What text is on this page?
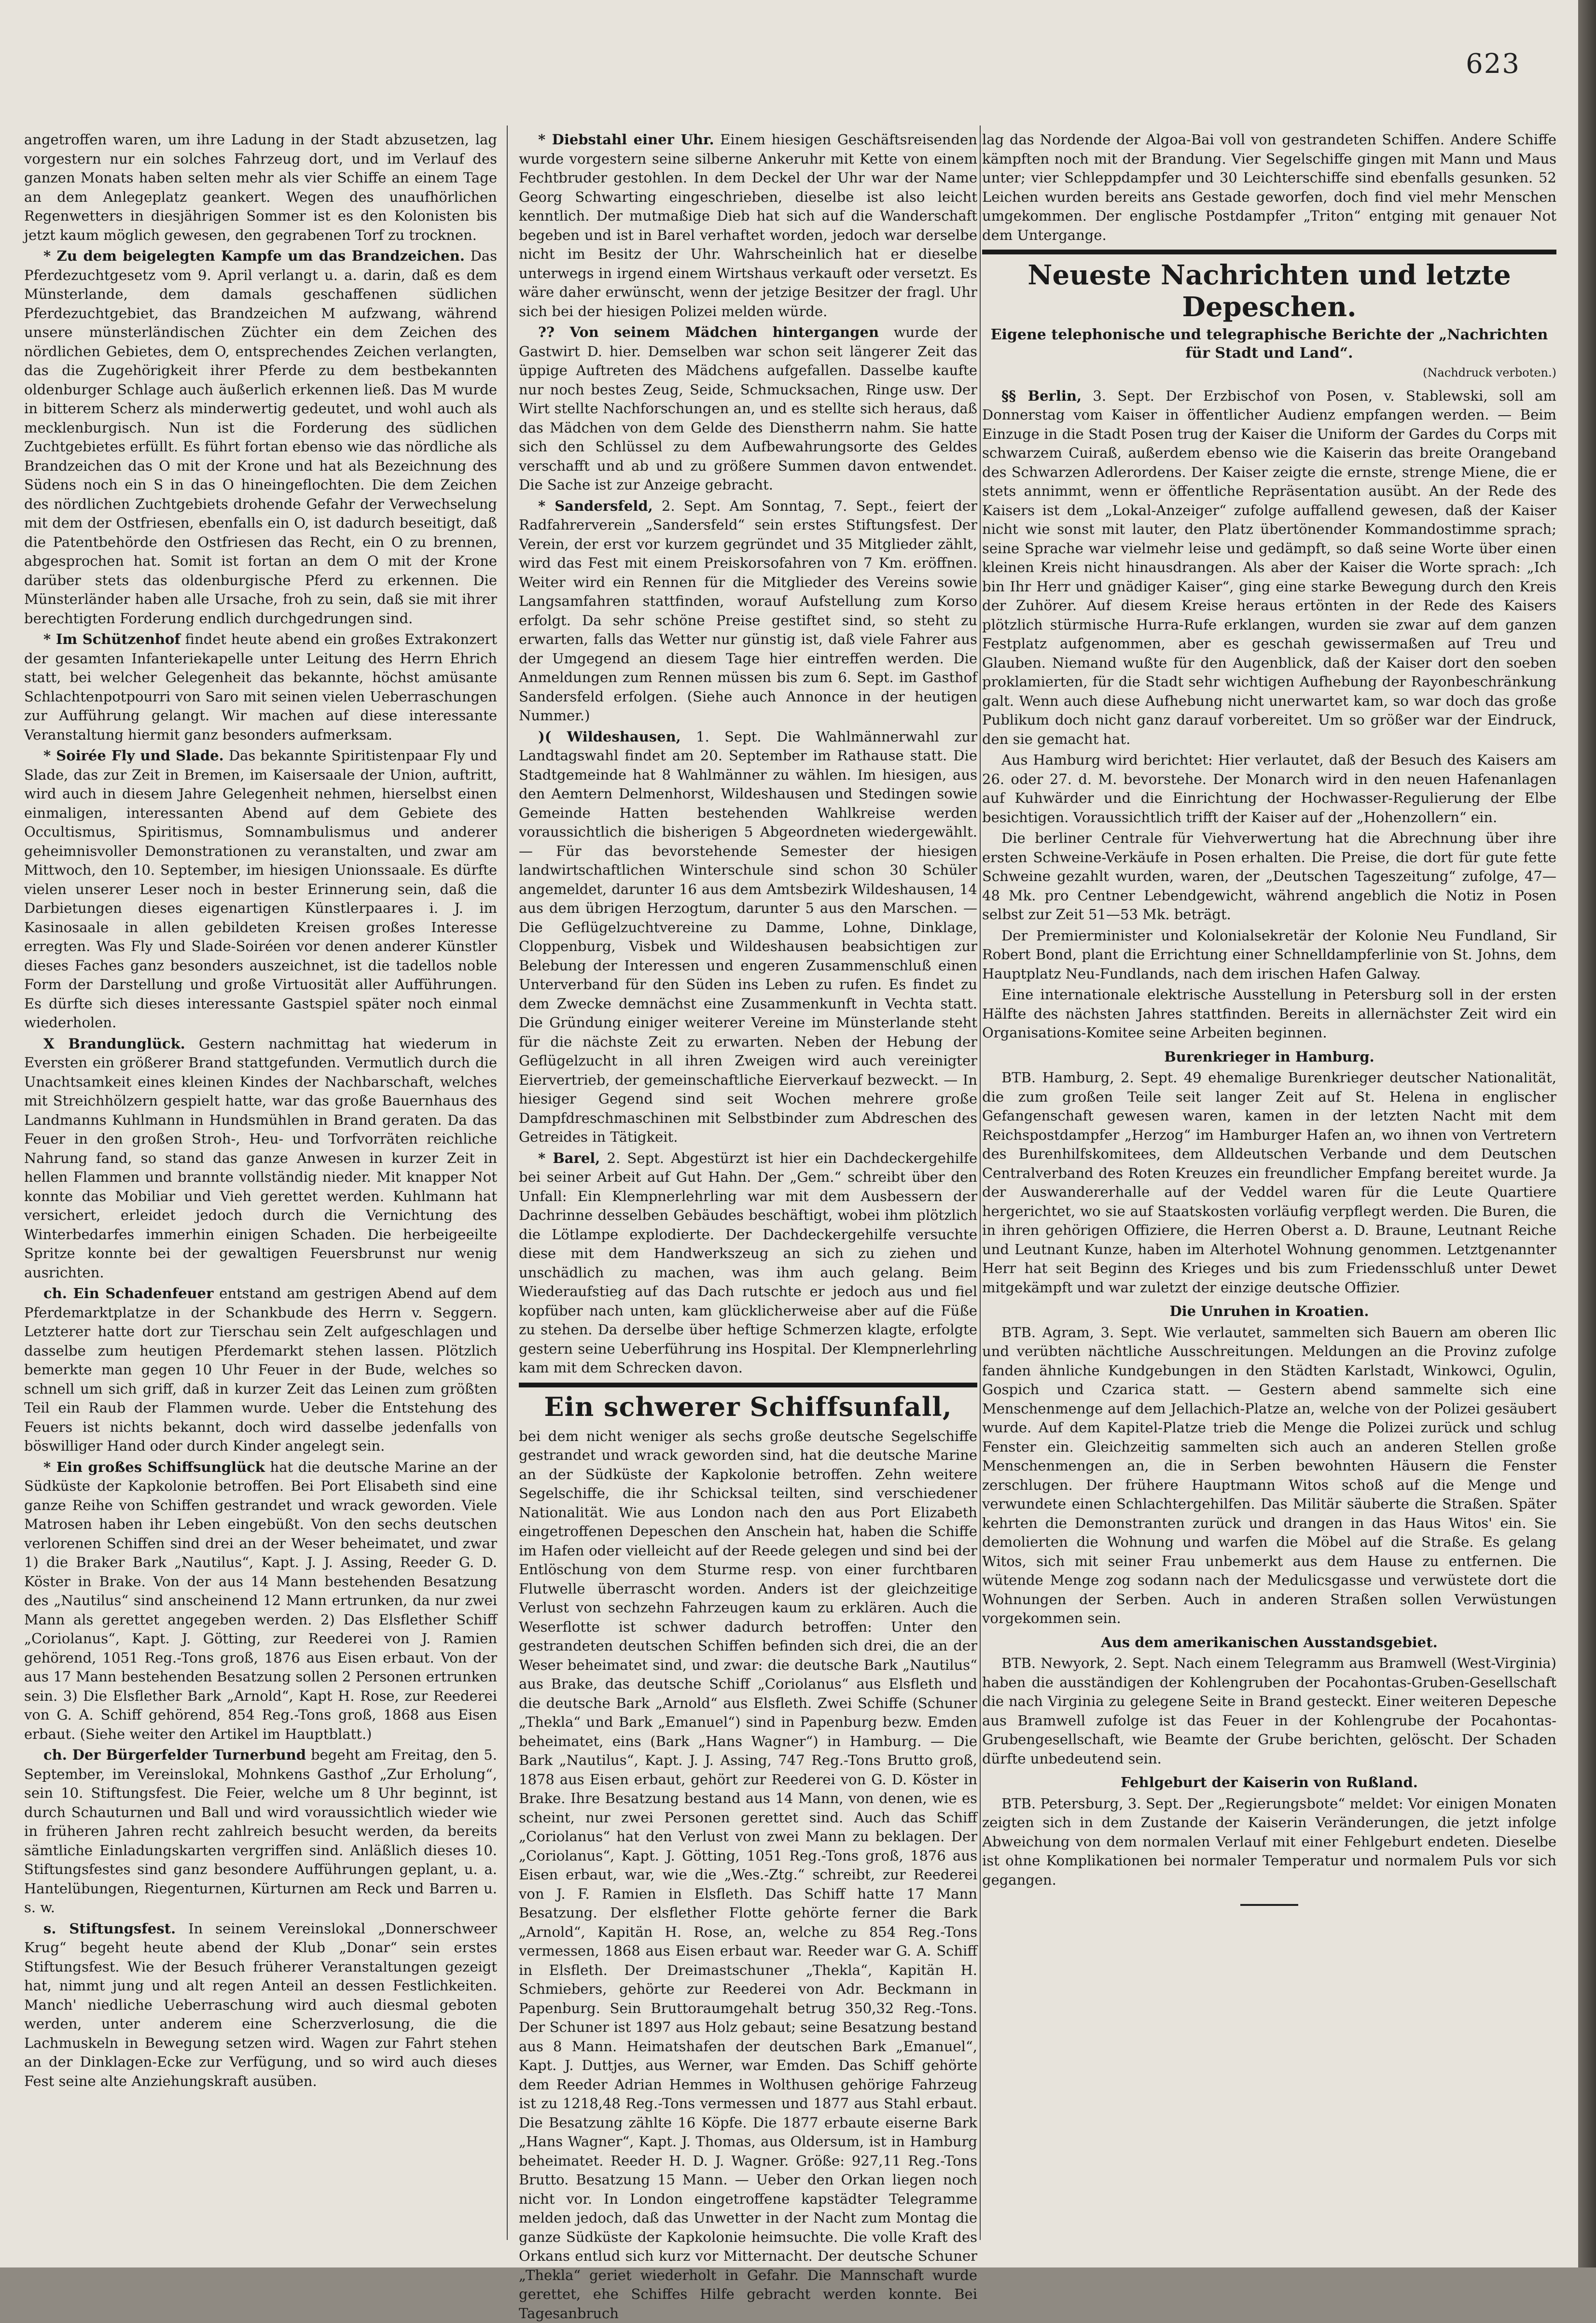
623

angetroffen waren, um ihre Ladung in der Stadt abzusetzen, lag vorgestern nur ein solches Fahrzeug dort, und im Verlauf des ganzen Monats haben selten mehr als vier Schiffe an einem Tage an dem Anlegeplatz geankert. Wegen des unaufhörlichen Regenwetters in diesjährigen Sommer ist es den Kolonisten bis jetzt kaum möglich gewesen, den gegrabenen Torf zu trocknen.

* Zu dem beigelegten Kampfe um das Brandzeichen. Das Pferdezuchtgesetz vom 9. April verlangt u. a. darin, daß es dem Münsterlande, dem damals geschaffenen südlichen Pferdezuchtgebiet, das Brandzeichen M aufzwang, während unsere münsterländischen Züchter ein dem Zeichen des nördlichen Gebietes, dem O, entsprechendes Zeichen verlangten, das die Zugehörigkeit ihrer Pferde zu dem bestbekannten oldenburger Schlage auch äußerlich erkennen ließ. Das M wurde in bitterem Scherz als minderwertig gedeutet, und wohl auch als mecklenburgisch. Nun ist die Forderung des südlichen Zuchtgebietes erfüllt. Es führt fortan ebenso wie das nördliche als Brandzeichen das O mit der Krone und hat als Bezeichnung des Südens noch ein S in das O hineingeflochten. Die dem Zeichen des nördlichen Zuchtgebiets drohende Gefahr der Verwechselung mit dem der Ostfriesen, ebenfalls ein O, ist dadurch beseitigt, daß die Patentbehörde den Ostfriesen das Recht, ein O zu brennen, abgesprochen hat. Somit ist fortan an dem O mit der Krone darüber stets das oldenburgische Pferd zu erkennen. Die Münsterländer haben alle Ursache, froh zu sein, daß sie mit ihrer berechtigten Forderung endlich durchgedrungen sind.

* Im Schützenhof findet heute abend ein großes Extrakonzert der gesamten Infanteriekapelle unter Leitung des Herrn Ehrich statt, bei welcher Gelegenheit das bekannte, höchst amüsante Schlachtenpotpourri von Saro mit seinen vielen Ueberraschungen zur Aufführung gelangt. Wir machen auf diese interessante Veranstaltung hiermit ganz besonders aufmerksam.

* Soirée Fly und Slade. Das bekannte Spiritistenpaar Fly und Slade, das zur Zeit in Bremen, im Kaisersaale der Union, auftritt, wird auch in diesem Jahre Gelegenheit nehmen, hierselbst einen einmaligen, interessanten Abend auf dem Gebiete des Occultismus, Spiritismus, Somnambulismus und anderer geheimnisvoller Demonstrationen zu veranstalten, und zwar am Mittwoch, den 10. September, im hiesigen Unionssaale. Es dürfte vielen unserer Leser noch in bester Erinnerung sein, daß die Darbietungen dieses eigenartigen Künstlerpaares i. J. im Kasinosaale in allen gebildeten Kreisen großes Interesse erregten. Was Fly und Slade-Soiréen vor denen anderer Künstler dieses Faches ganz besonders auszeichnet, ist die tadellos noble Form der Darstellung und große Virtuosität aller Aufführungen. Es dürfte sich dieses interessante Gastspiel später noch einmal wiederholen.

X Brandunglück. Gestern nachmittag hat wiederum in Eversten ein größerer Brand stattgefunden. Vermutlich durch die Unachtsamkeit eines kleinen Kindes der Nachbarschaft, welches mit Streichhölzern gespielt hatte, war das große Bauernhaus des Landmanns Kuhlmann in Hundsmühlen in Brand geraten. Da das Feuer in den großen Stroh-, Heu- und Torfvorräten reichliche Nahrung fand, so stand das ganze Anwesen in kurzer Zeit in hellen Flammen und brannte vollständig nieder. Mit knapper Not konnte das Mobiliar und Vieh gerettet werden. Kuhlmann hat versichert, erleidet jedoch durch die Vernichtung des Winterbedarfes immerhin einigen Schaden. Die herbeigeeilte Spritze konnte bei der gewaltigen Feuersbrunst nur wenig ausrichten.

ch. Ein Schadenfeuer entstand am gestrigen Abend auf dem Pferdemarktplatze in der Schankbude des Herrn v. Seggern. Letzterer hatte dort zur Tierschau sein Zelt aufgeschlagen und dasselbe zum heutigen Pferdemarkt stehen lassen. Plötzlich bemerkte man gegen 10 Uhr Feuer in der Bude, welches so schnell um sich griff, daß in kurzer Zeit das Leinen zum größten Teil ein Raub der Flammen wurde. Ueber die Entstehung des Feuers ist nichts bekannt, doch wird dasselbe jedenfalls von böswilliger Hand oder durch Kinder angelegt sein.

* Ein großes Schiffsunglück hat die deutsche Marine an der Südküste der Kapkolonie betroffen. Bei Port Elisabeth sind eine ganze Reihe von Schiffen gestrandet und wrack geworden. Viele Matrosen haben ihr Leben eingebüßt. Von den sechs deutschen verlorenen Schiffen sind drei an der Weser beheimatet, und zwar 1) die Braker Bark „Nautilus“, Kapt. J. J. Assing, Reeder G. D. Köster in Brake. Von der aus 14 Mann bestehenden Besatzung des „Nautilus“ sind anscheinend 12 Mann ertrunken, da nur zwei Mann als gerettet angegeben werden. 2) Das Elsflether Schiff „Coriolanus“, Kapt. J. Götting, zur Reederei von J. Ramien gehörend, 1051 Reg.-Tons groß, 1876 aus Eisen erbaut. Von der aus 17 Mann bestehenden Besatzung sollen 2 Personen ertrunken sein. 3) Die Elsflether Bark „Arnold“, Kapt H. Rose, zur Reederei von G. A. Schiff gehörend, 854 Reg.-Tons groß, 1868 aus Eisen erbaut. (Siehe weiter den Artikel im Hauptblatt.)

ch. Der Bürgerfelder Turnerbund begeht am Freitag, den 5. September, im Vereinslokal, Mohnkens Gasthof „Zur Erholung“, sein 10. Stiftungsfest. Die Feier, welche um 8 Uhr beginnt, ist durch Schauturnen und Ball und wird voraussichtlich wieder wie in früheren Jahren recht zahlreich besucht werden, da bereits sämtliche Einladungskarten vergriffen sind. Anläßlich dieses 10. Stiftungsfestes sind ganz besondere Aufführungen geplant, u. a. Hantelübungen, Riegenturnen, Kürturnen am Reck und Barren u. s. w.

s. Stiftungsfest. In seinem Vereinslokal „Donnerschweer Krug“ begeht heute abend der Klub „Donar“ sein erstes Stiftungsfest. Wie der Besuch früherer Veranstaltungen gezeigt hat, nimmt jung und alt regen Anteil an dessen Festlichkeiten. Manch' niedliche Ueberraschung wird auch diesmal geboten werden, unter anderem eine Scherzverlosung, die die Lachmuskeln in Bewegung setzen wird. Wagen zur Fahrt stehen an der Dinklagen-Ecke zur Verfügung, und so wird auch dieses Fest seine alte Anziehungskraft ausüben.

* Diebstahl einer Uhr. Einem hiesigen Geschäftsreisenden wurde vorgestern seine silberne Ankeruhr mit Kette von einem Fechtbruder gestohlen. In dem Deckel der Uhr war der Name Georg Schwarting eingeschrieben, dieselbe ist also leicht kenntlich. Der mutmaßige Dieb hat sich auf die Wanderschaft begeben und ist in Barel verhaftet worden, jedoch war derselbe nicht im Besitz der Uhr. Wahrscheinlich hat er dieselbe unterwegs in irgend einem Wirtshaus verkauft oder versetzt. Es wäre daher erwünscht, wenn der jetzige Besitzer der fragl. Uhr sich bei der hiesigen Polizei melden würde.

?? Von seinem Mädchen hintergangen wurde der Gastwirt D. hier. Demselben war schon seit längerer Zeit das üppige Auftreten des Mädchens aufgefallen. Dasselbe kaufte nur noch bestes Zeug, Seide, Schmucksachen, Ringe usw. Der Wirt stellte Nachforschungen an, und es stellte sich heraus, daß das Mädchen von dem Gelde des Dienstherrn nahm. Sie hatte sich den Schlüssel zu dem Aufbewahrungsorte des Geldes verschafft und ab und zu größere Summen davon entwendet. Die Sache ist zur Anzeige gebracht.

* Sandersfeld, 2. Sept. Am Sonntag, 7. Sept., feiert der Radfahrerverein „Sandersfeld“ sein erstes Stiftungsfest. Der Verein, der erst vor kurzem gegründet und 35 Mitglieder zählt, wird das Fest mit einem Preiskorsofahren von 7 Km. eröffnen. Weiter wird ein Rennen für die Mitglieder des Vereins sowie Langsamfahren stattfinden, worauf Aufstellung zum Korso erfolgt. Da sehr schöne Preise gestiftet sind, so steht zu erwarten, falls das Wetter nur günstig ist, daß viele Fahrer aus der Umgegend an diesem Tage hier eintreffen werden. Die Anmeldungen zum Rennen müssen bis zum 6. Sept. im Gasthof Sandersfeld erfolgen. (Siehe auch Annonce in der heutigen Nummer.)

)( Wildeshausen, 1. Sept. Die Wahlmännerwahl zur Landtagswahl findet am 20. September im Rathause statt. Die Stadtgemeinde hat 8 Wahlmänner zu wählen. Im hiesigen, aus den Aemtern Delmenhorst, Wildeshausen und Stedingen sowie Gemeinde Hatten bestehenden Wahlkreise werden voraussichtlich die bisherigen 5 Abgeordneten wiedergewählt. — Für das bevorstehende Semester der hiesigen landwirtschaftlichen Winterschule sind schon 30 Schüler angemeldet, darunter 16 aus dem Amtsbezirk Wildeshausen, 14 aus dem übrigen Herzogtum, darunter 5 aus den Marschen. — Die Geflügelzuchtvereine zu Damme, Lohne, Dinklage, Cloppenburg, Visbek und Wildeshausen beabsichtigen zur Belebung der Interessen und engeren Zusammenschluß einen Unterverband für den Süden ins Leben zu rufen. Es findet zu dem Zwecke demnächst eine Zusammenkunft in Vechta statt. Die Gründung einiger weiterer Vereine im Münsterlande steht für die nächste Zeit zu erwarten. Neben der Hebung der Geflügelzucht in all ihren Zweigen wird auch vereinigter Eiervertrieb, der gemeinschaftliche Eierverkauf bezweckt. — In hiesiger Gegend sind seit Wochen mehrere große Dampfdreschmaschinen mit Selbstbinder zum Abdreschen des Getreides in Tätigkeit.

* Barel, 2. Sept. Abgestürzt ist hier ein Dachdeckergehilfe bei seiner Arbeit auf Gut Hahn. Der „Gem.“ schreibt über den Unfall: Ein Klempnerlehrling war mit dem Ausbessern der Dachrinne desselben Gebäudes beschäftigt, wobei ihm plötzlich die Lötlampe explodierte. Der Dachdeckergehilfe versuchte diese mit dem Handwerkszeug an sich zu ziehen und unschädlich zu machen, was ihm auch gelang. Beim Wiederaufstieg auf das Dach rutschte er jedoch aus und fiel kopfüber nach unten, kam glücklicherweise aber auf die Füße zu stehen. Da derselbe über heftige Schmerzen klagte, erfolgte gestern seine Ueberführung ins Hospital. Der Klempnerlehrling kam mit dem Schrecken davon.

Ein schwerer Schiffsunfall,

bei dem nicht weniger als sechs große deutsche Segelschiffe gestrandet und wrack geworden sind, hat die deutsche Marine an der Südküste der Kapkolonie betroffen. Zehn weitere Segelschiffe, die ihr Schicksal teilten, sind verschiedener Nationalität. Wie aus London nach den aus Port Elizabeth eingetroffenen Depeschen den Anschein hat, haben die Schiffe im Hafen oder vielleicht auf der Reede gelegen und sind bei der Entlöschung von dem Sturme resp. von einer furchtbaren Flutwelle überrascht worden. Anders ist der gleichzeitige Verlust von sechzehn Fahrzeugen kaum zu erklären. Auch die Weserflotte ist schwer dadurch betroffen: Unter den gestrandeten deutschen Schiffen befinden sich drei, die an der Weser beheimatet sind, und zwar: die deutsche Bark „Nautilus“ aus Brake, das deutsche Schiff „Coriolanus“ aus Elsfleth und die deutsche Bark „Arnold“ aus Elsfleth. Zwei Schiffe (Schuner „Thekla“ und Bark „Emanuel“) sind in Papenburg bezw. Emden beheimatet, eins (Bark „Hans Wagner“) in Hamburg. — Die Bark „Nautilus“, Kapt. J. J. Assing, 747 Reg.-Tons Brutto groß, 1878 aus Eisen erbaut, gehört zur Reederei von G. D. Köster in Brake. Ihre Besatzung bestand aus 14 Mann, von denen, wie es scheint, nur zwei Personen gerettet sind. Auch das Schiff „Coriolanus“ hat den Verlust von zwei Mann zu beklagen. Der „Coriolanus“, Kapt. J. Götting, 1051 Reg.-Tons groß, 1876 aus Eisen erbaut, war, wie die „Wes.-Ztg.“ schreibt, zur Reederei von J. F. Ramien in Elsfleth. Das Schiff hatte 17 Mann Besatzung. Der elsflether Flotte gehörte ferner die Bark „Arnold“, Kapitän H. Rose, an, welche zu 854 Reg.-Tons vermessen, 1868 aus Eisen erbaut war. Reeder war G. A. Schiff in Elsfleth. Der Dreimastschuner „Thekla“, Kapitän H. Schmiebers, gehörte zur Reederei von Adr. Beckmann in Papenburg. Sein Bruttoraumgehalt betrug 350,32 Reg.-Tons. Der Schuner ist 1897 aus Holz gebaut; seine Besatzung bestand aus 8 Mann. Heimatshafen der deutschen Bark „Emanuel“, Kapt. J. Duttjes, aus Werner, war Emden. Das Schiff gehörte dem Reeder Adrian Hemmes in Wolthusen gehörige Fahrzeug ist zu 1218,48 Reg.-Tons vermessen und 1877 aus Stahl erbaut. Die Besatzung zählte 16 Köpfe. Die 1877 erbaute eiserne Bark „Hans Wagner“, Kapt. J. Thomas, aus Oldersum, ist in Hamburg beheimatet. Reeder H. D. J. Wagner. Größe: 927,11 Reg.-Tons Brutto. Besatzung 15 Mann. — Ueber den Orkan liegen noch nicht vor. In London eingetroffene kapstädter Telegramme melden jedoch, daß das Unwetter in der Nacht zum Montag die ganze Südküste der Kapkolonie heimsuchte. Die volle Kraft des Orkans entlud sich kurz vor Mitternacht. Der deutsche Schuner „Thekla“ geriet wiederholt in Gefahr. Die Mannschaft wurde gerettet, ehe Schiffes Hilfe gebracht werden konnte. Bei Tagesanbruch

lag das Nordende der Algoa-Bai voll von gestrandeten Schiffen. Andere Schiffe kämpften noch mit der Brandung. Vier Segelschiffe gingen mit Mann und Maus unter; vier Schleppdampfer und 30 Leichterschiffe sind ebenfalls gesunken. 52 Leichen wurden bereits ans Gestade geworfen, doch find viel mehr Menschen umgekommen. Der englische Postdampfer „Triton“ entging mit genauer Not dem Untergange.

Neueste Nachrichten und letzte Depeschen.
Eigene telephonische und telegraphische Berichte der „Nachrichten für Stadt und Land“.
(Nachdruck verboten.)

§§ Berlin, 3. Sept. Der Erzbischof von Posen, v. Stablewski, soll am Donnerstag vom Kaiser in öffentlicher Audienz empfangen werden. — Beim Einzuge in die Stadt Posen trug der Kaiser die Uniform der Gardes du Corps mit schwarzem Cuiraß, außerdem ebenso wie die Kaiserin das breite Orangeband des Schwarzen Adlerordens. Der Kaiser zeigte die ernste, strenge Miene, die er stets annimmt, wenn er öffentliche Repräsentation ausübt. An der Rede des Kaisers ist dem „Lokal-Anzeiger“ zufolge auffallend gewesen, daß der Kaiser nicht wie sonst mit lauter, den Platz übertönender Kommandostimme sprach; seine Sprache war vielmehr leise und gedämpft, so daß seine Worte über einen kleinen Kreis nicht hinausdrangen. Als aber der Kaiser die Worte sprach: „Ich bin Ihr Herr und gnädiger Kaiser“, ging eine starke Bewegung durch den Kreis der Zuhörer. Auf diesem Kreise heraus ertönten in der Rede des Kaisers plötzlich stürmische Hurra-Rufe erklangen, wurden sie zwar auf dem ganzen Festplatz aufgenommen, aber es geschah gewissermaßen auf Treu und Glauben. Niemand wußte für den Augenblick, daß der Kaiser dort den soeben proklamierten, für die Stadt sehr wichtigen Aufhebung der Rayonbeschränkung galt. Wenn auch diese Aufhebung nicht unerwartet kam, so war doch das große Publikum doch nicht ganz darauf vorbereitet. Um so größer war der Eindruck, den sie gemacht hat.

Aus Hamburg wird berichtet: Hier verlautet, daß der Besuch des Kaisers am 26. oder 27. d. M. bevorstehe. Der Monarch wird in den neuen Hafenanlagen auf Kuhwärder und die Einrichtung der Hochwasser-Regulierung der Elbe besichtigen. Voraussichtlich trifft der Kaiser auf der „Hohenzollern“ ein.

Die berliner Centrale für Viehverwertung hat die Abrechnung über ihre ersten Schweine-Verkäufe in Posen erhalten. Die Preise, die dort für gute fette Schweine gezahlt wurden, waren, der „Deutschen Tageszeitung“ zufolge, 47—48 Mk. pro Centner Lebendgewicht, während angeblich die Notiz in Posen selbst zur Zeit 51—53 Mk. beträgt.

Der Premierminister und Kolonialsekretär der Kolonie Neu Fundland, Sir Robert Bond, plant die Errichtung einer Schnelldampferlinie von St. Johns, dem Hauptplatz Neu-Fundlands, nach dem irischen Hafen Galway.

Eine internationale elektrische Ausstellung in Petersburg soll in der ersten Hälfte des nächsten Jahres stattfinden. Bereits in allernächster Zeit wird ein Organisations-Komitee seine Arbeiten beginnen.

Burenkrieger in Hamburg.

BTB. Hamburg, 2. Sept. 49 ehemalige Burenkrieger deutscher Nationalität, die zum großen Teile seit langer Zeit auf St. Helena in englischer Gefangenschaft gewesen waren, kamen in der letzten Nacht mit dem Reichspostdampfer „Herzog“ im Hamburger Hafen an, wo ihnen von Vertretern des Burenhilfskomitees, dem Alldeutschen Verbande und dem Deutschen Centralverband des Roten Kreuzes ein freundlicher Empfang bereitet wurde. Ja der Auswandererhalle auf der Veddel waren für die Leute Quartiere hergerichtet, wo sie auf Staatskosten vorläufig verpflegt werden. Die Buren, die in ihren gehörigen Offiziere, die Herren Oberst a. D. Braune, Leutnant Reiche und Leutnant Kunze, haben im Alterhotel Wohnung genommen. Letztgenannter Herr hat seit Beginn des Krieges und bis zum Friedensschluß unter Dewet mitgekämpft und war zuletzt der einzige deutsche Offizier.

Die Unruhen in Kroatien.

BTB. Agram, 3. Sept. Wie verlautet, sammelten sich Bauern am oberen Ilic und verübten nächtliche Ausschreitungen. Meldungen an die Provinz zufolge fanden ähnliche Kundgebungen in den Städten Karlstadt, Winkowci, Ogulin, Gospich und Czarica statt. — Gestern abend sammelte sich eine Menschenmenge auf dem Jellachich-Platze an, welche von der Polizei gesäubert wurde. Auf dem Kapitel-Platze trieb die Menge die Polizei zurück und schlug Fenster ein. Gleichzeitig sammelten sich auch an anderen Stellen große Menschenmengen an, die in Serben bewohnten Häusern die Fenster zerschlugen. Der frühere Hauptmann Witos schoß auf die Menge und verwundete einen Schlachtergehilfen. Das Militär säuberte die Straßen. Später kehrten die Demonstranten zurück und drangen in das Haus Witos' ein. Sie demolierten die Wohnung und warfen die Möbel auf die Straße. Es gelang Witos, sich mit seiner Frau unbemerkt aus dem Hause zu entfernen. Die wütende Menge zog sodann nach der Medulicsgasse und verwüstete dort die Wohnungen der Serben. Auch in anderen Straßen sollen Verwüstungen vorgekommen sein.

Aus dem amerikanischen Ausstandsgebiet.

BTB. Newyork, 2. Sept. Nach einem Telegramm aus Bramwell (West-Virginia) haben die ausständigen der Kohlengruben der Pocahontas-Gruben-Gesellschaft die nach Virginia zu gelegene Seite in Brand gesteckt. Einer weiteren Depesche aus Bramwell zufolge ist das Feuer in der Kohlengrube der Pocahontas-Grubengesellschaft, wie Beamte der Grube berichten, gelöscht. Der Schaden dürfte unbedeutend sein.

Fehlgeburt der Kaiserin von Rußland.

BTB. Petersburg, 3. Sept. Der „Regierungsbote“ meldet: Vor einigen Monaten zeigten sich in dem Zustande der Kaiserin Veränderungen, die jetzt infolge Abweichung von dem normalen Verlauf mit einer Fehlgeburt endeten. Dieselbe ist ohne Komplikationen bei normaler Temperatur und normalem Puls vor sich gegangen.
